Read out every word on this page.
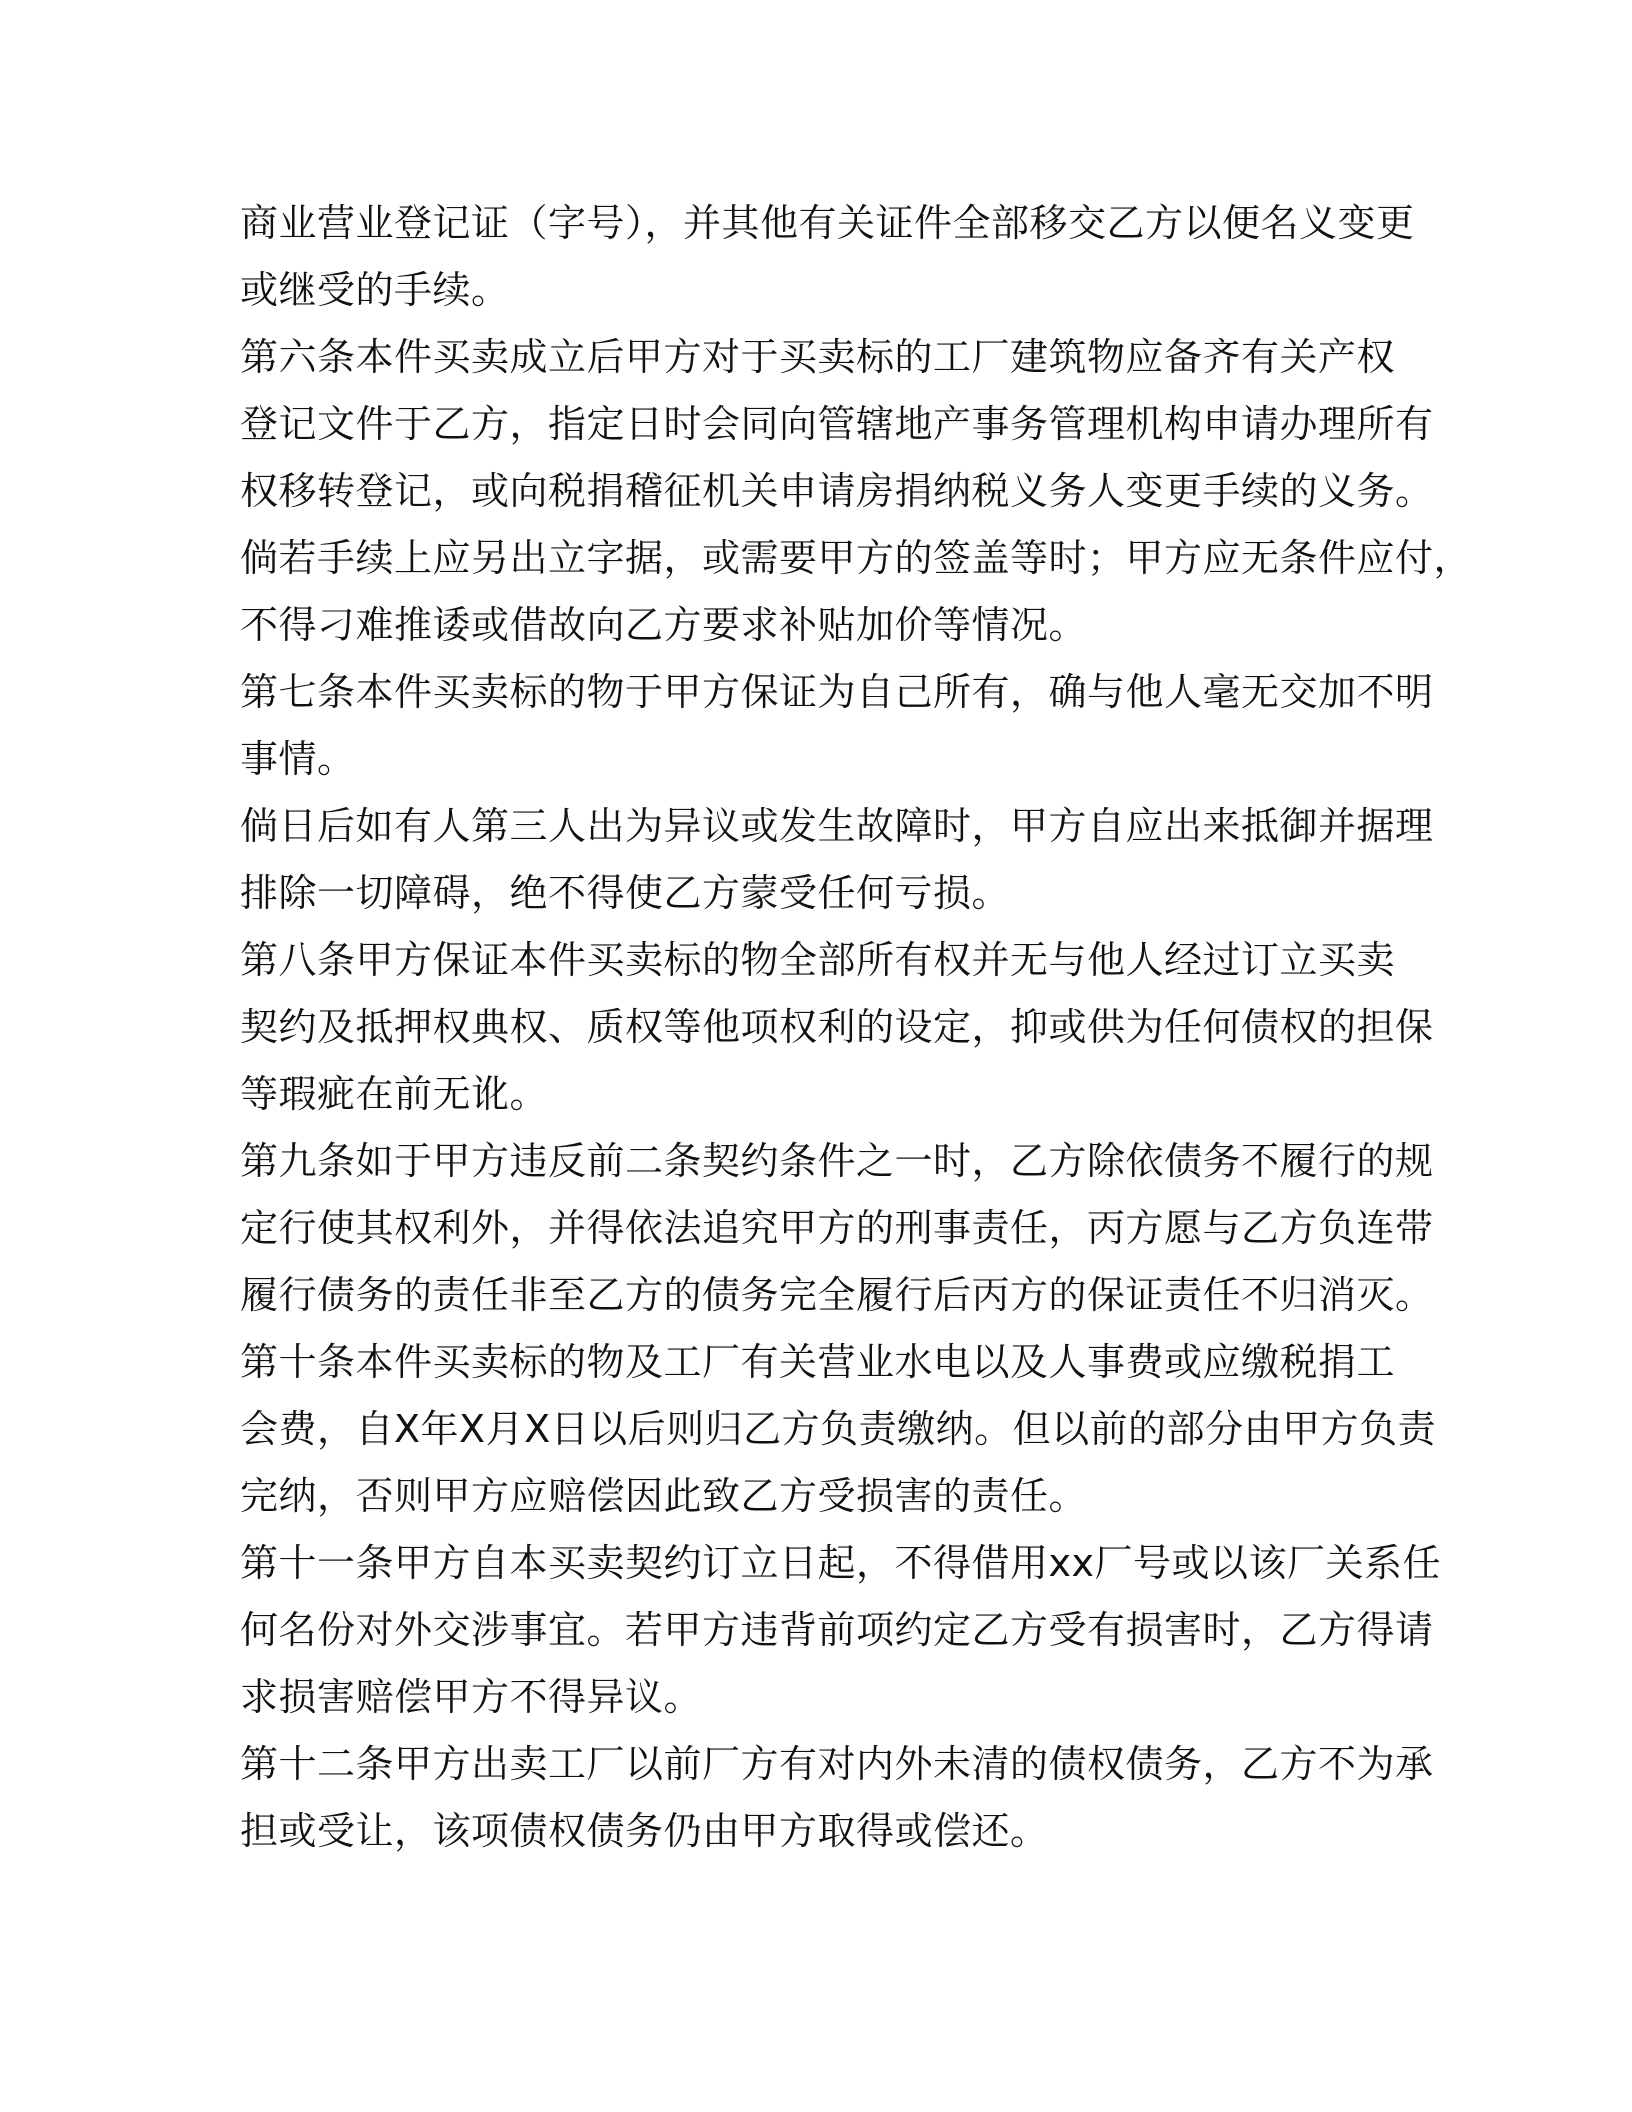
商业营业登记证（字号），并其他有关证件全部移交乙方以便名义变更
或继受的手续。
第六条本件买卖成立后甲方对于买卖标的工厂建筑物应备齐有关产权
登记文件于乙方，指定日时会同向管辖地产事务管理机构申请办理所有
权移转登记，或向税捐稽征机关申请房捐纳税义务人变更手续的义务。
倘若手续上应另出立字据，或需要甲方的签盖等时；甲方应无条件应付，
不得刁难推诿或借故向乙方要求补贴加价等情况。
第七条本件买卖标的物于甲方保证为自己所有，确与他人毫无交加不明
事情。
倘日后如有人第三人出为异议或发生故障时，甲方自应出来抵御并据理
排除一切障碍，绝不得使乙方蒙受任何亏损。
第八条甲方保证本件买卖标的物全部所有权并无与他人经过订立买卖
契约及抵押权典权、质权等他项权利的设定，抑或供为任何债权的担保
等瑕疵在前无讹。
第九条如于甲方违反前二条契约条件之一时，乙方除依债务不履行的规
定行使其权利外，并得依法追究甲方的刑事责任，丙方愿与乙方负连带
履行债务的责任非至乙方的债务完全履行后丙方的保证责任不归消灭。
第十条本件买卖标的物及工厂有关营业水电以及人事费或应缴税捐工
会费，自X年X月X日以后则归乙方负责缴纳。但以前的部分由甲方负责
完纳，否则甲方应赔偿因此致乙方受损害的责任。
第十一条甲方自本买卖契约订立日起，不得借用xx厂号或以该厂关系任
何名份对外交涉事宜。若甲方违背前项约定乙方受有损害时，乙方得请
求损害赔偿甲方不得异议。
第十二条甲方出卖工厂以前厂方有对内外未清的债权债务，乙方不为承
担或受让，该项债权债务仍由甲方取得或偿还。
